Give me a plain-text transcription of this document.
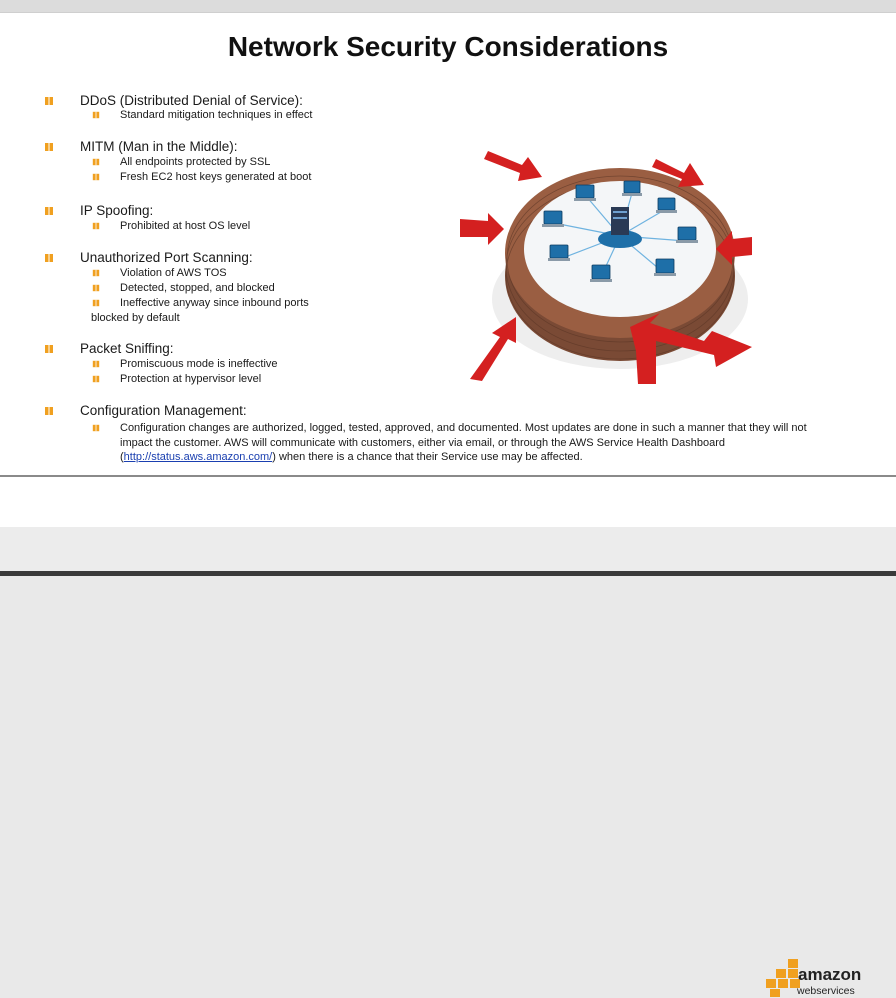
Network Security Considerations
DDoS (Distributed Denial of Service):
Standard mitigation techniques in effect
MITM (Man in the Middle):
All endpoints protected by SSL
Fresh EC2 host keys generated at boot
IP Spoofing:
Prohibited at host OS level
Unauthorized Port Scanning:
Violation of AWS TOS
Detected, stopped, and blocked
Ineffective anyway since inbound ports
blocked by default
Packet Sniffing:
Promiscuous mode is ineffective
Protection at hypervisor level
Configuration Management:
Configuration changes are authorized, logged, tested, approved, and documented. Most updates are done in such a manner that they will not impact the customer. AWS will communicate with customers, either via email, or through the AWS Service Health Dashboard (http://status.aws.amazon.com/) when there is a chance that their Service use may be affected.
amazon
webservices
